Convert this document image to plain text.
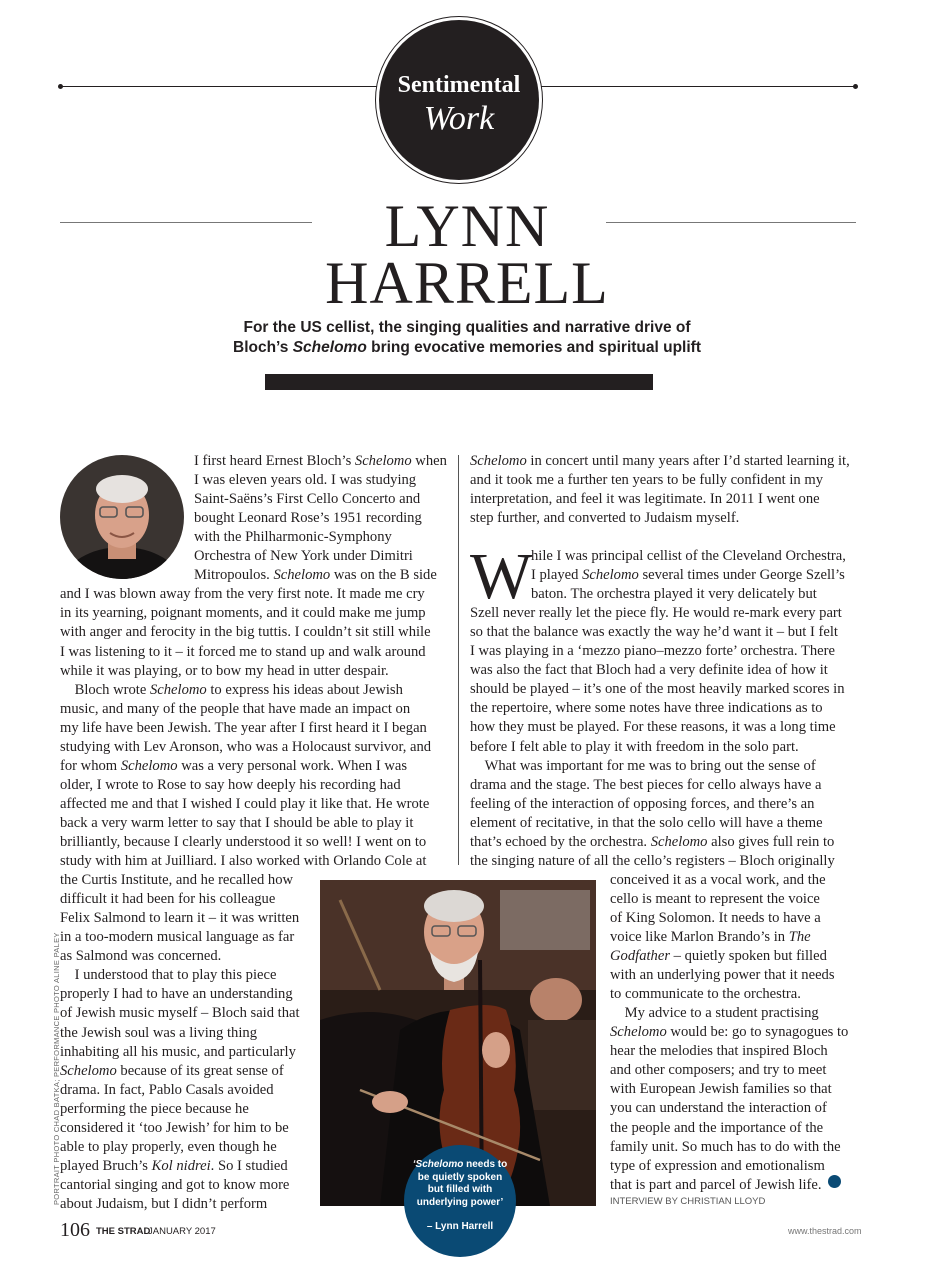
Sentimental
Work
LYNN
HARRELL
For the US cellist, the singing qualities and narrative drive of
Bloch’s Schelomo bring evocative memories and spiritual uplift
I first heard Ernest Bloch’s Schelomo when
I was eleven years old. I was studying
Saint-Saëns’s First Cello Concerto and
bought Leonard Rose’s 1951 recording
with the Philharmonic-Symphony
Orchestra of New York under Dimitri
Mitropoulos. Schelomo was on the B side
and I was blown away from the very first note. It made me cry
in its yearning, poignant moments, and it could make me jump
with anger and ferocity in the big tuttis. I couldn’t sit still while
I was listening to it – it forced me to stand up and walk around
while it was playing, or to bow my head in utter despair.
Bloch wrote Schelomo to express his ideas about Jewish
music, and many of the people that have made an impact on
my life have been Jewish. The year after I first heard it I began
studying with Lev Aronson, who was a Holocaust survivor, and
for whom Schelomo was a very personal work. When I was
older, I wrote to Rose to say how deeply his recording had
affected me and that I wished I could play it like that. He wrote
back a very warm letter to say that I should be able to play it
brilliantly, because I clearly understood it so well! I went on to
study with him at Juilliard. I also worked with Orlando Cole at
the Curtis Institute, and he recalled how
difficult it had been for his colleague
Felix Salmond to learn it – it was written
in a too-modern musical language as far
as Salmond was concerned.
I understood that to play this piece
properly I had to have an understanding
of Jewish music myself – Bloch said that
the Jewish soul was a living thing
inhabiting all his music, and particularly
Schelomo because of its great sense of
drama. In fact, Pablo Casals avoided
performing the piece because he
considered it ‘too Jewish’ for him to be
able to play properly, even though he
played Bruch’s Kol nidrei. So I studied
cantorial singing and got to know more
about Judaism, but I didn’t perform
Schelomo in concert until many years after I’d started learning it,
and it took me a further ten years to be fully confident in my
interpretation, and feel it was legitimate. In 2011 I went one
step further, and converted to Judaism myself.
W
hile I was principal cellist of the Cleveland Orchestra,
I played Schelomo several times under George Szell’s
baton. The orchestra played it very delicately but
Szell never really let the piece fly. He would re-mark every part
so that the balance was exactly the way he’d want it – but I felt
I was playing in a ‘mezzo piano–mezzo forte’ orchestra. There
was also the fact that Bloch had a very definite idea of how it
should be played – it’s one of the most heavily marked scores in
the repertoire, where some notes have three indications as to
how they must be played. For these reasons, it was a long time
before I felt able to play it with freedom in the solo part.
What was important for me was to bring out the sense of
drama and the stage. The best pieces for cello always have a
feeling of the interaction of opposing forces, and there’s an
element of recitative, in that the solo cello will have a theme
that’s echoed by the orchestra. Schelomo also gives full rein to
the singing nature of all the cello’s registers – Bloch originally
conceived it as a vocal work, and the
cello is meant to represent the voice
of King Solomon. It needs to have a
voice like Marlon Brando’s in The
Godfather – quietly spoken but filled
with an underlying power that it needs
to communicate to the orchestra.
My advice to a student practising
Schelomo would be: go to synagogues to
hear the melodies that inspired Bloch
and other composers; and try to meet
with European Jewish families so that
you can understand the interaction of
the people and the importance of the
family unit. So much has to do with the
type of expression and emotionalism
that is part and parcel of Jewish life.
‘Schelomo needs to be quietly spoken but filled with underlying power’
– Lynn Harrell
PORTRAIT PHOTO CHAD BATKA; PERFORMANCE PHOTO ALINE PALEY	INTERVIEW BY CHRISTIAN LLOYD
106 THE STRAD
JANUARY 2017	www.thestrad.com
